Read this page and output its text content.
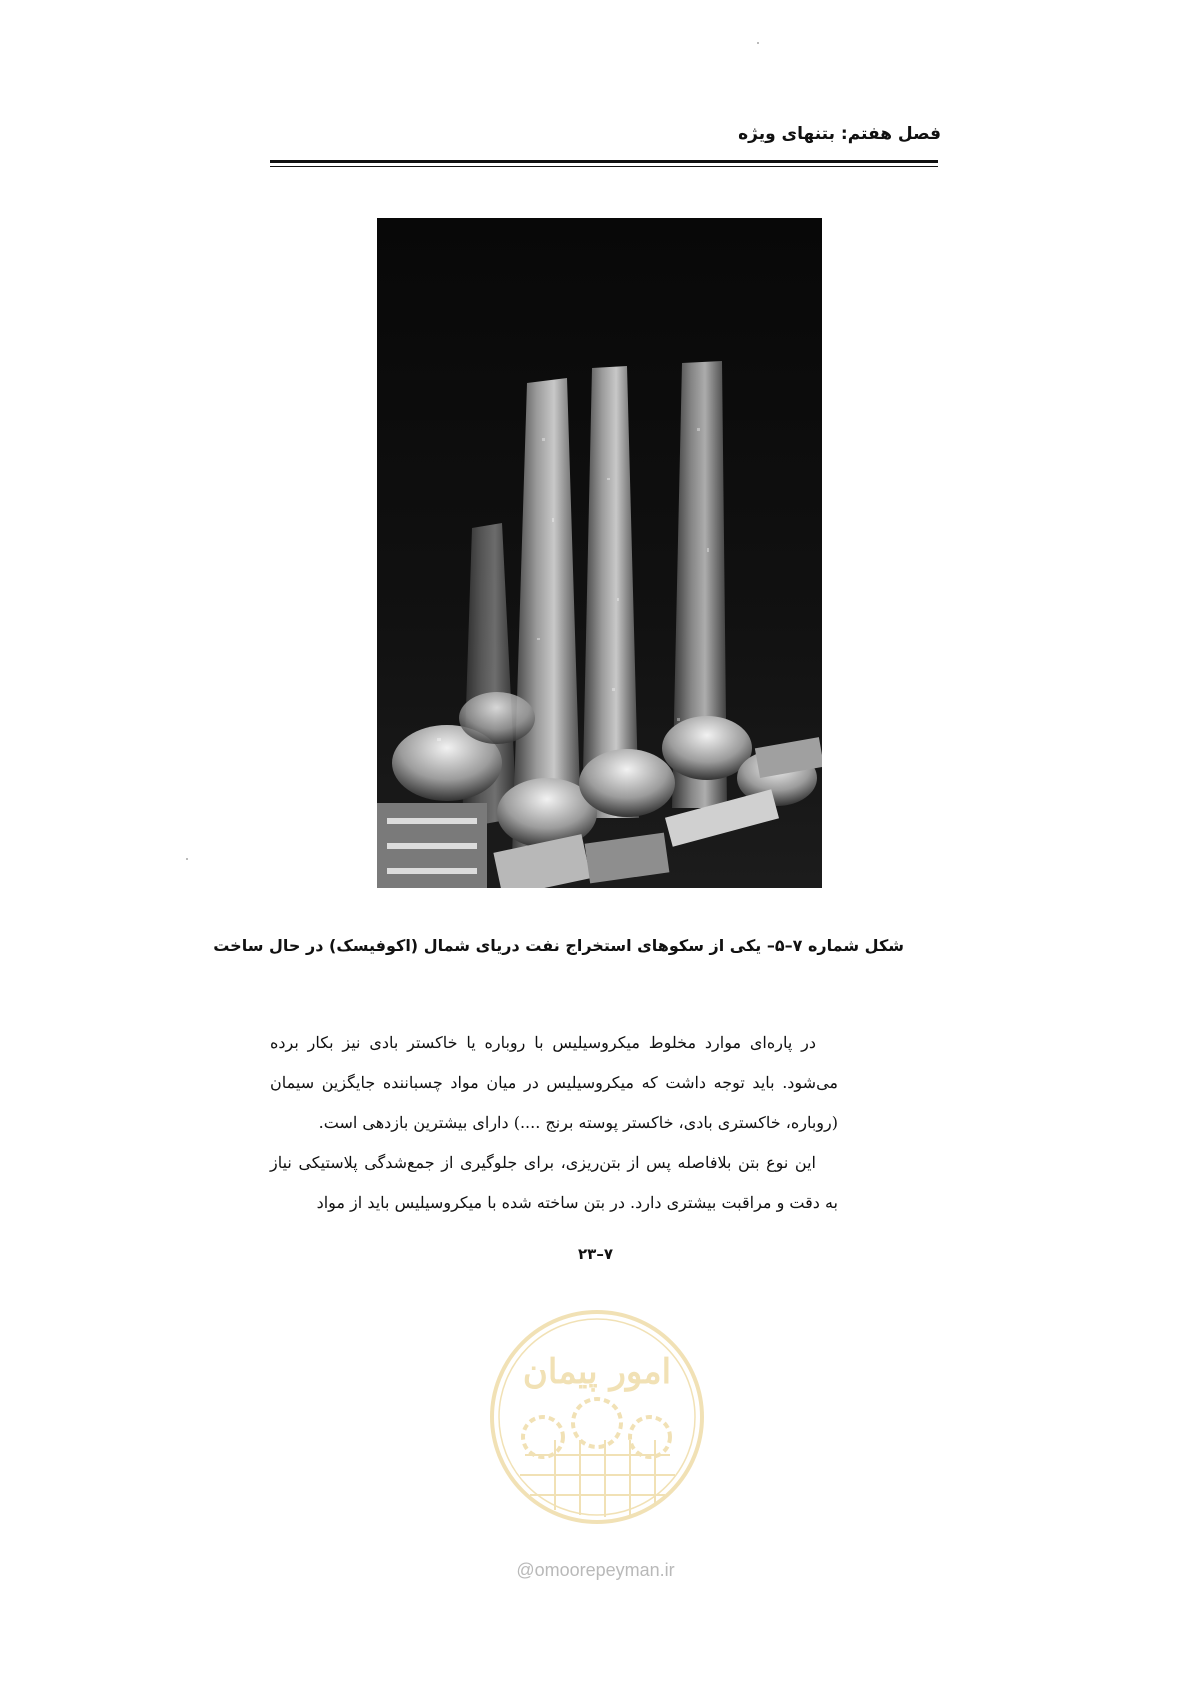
فصل هفتم: بتنهای ویژه
شکل شماره ۷–۵– یکی از سکوهای استخراج نفت دریای شمال (اکوفیسک) در حال ساخت

در پاره‌ای موارد مخلوط میکروسیلیس با روباره یا خاکستر بادی نیز بکار برده می‌شود. باید توجه داشت که میکروسیلیس در میان مواد چسباننده جایگزین سیمان (روباره، خاکستری بادی، خاکستر پوسته برنج ....) دارای بیشترین بازدهی است.

این نوع بتن بلافاصله پس از بتن‌ریزی، برای جلوگیری از جمع‌شدگی پلاستیکی نیاز به دقت و مراقبت بیشتری دارد. در بتن ساخته شده با میکروسیلیس باید از مواد

۷–۲۳
امور پیمان
@omoorepeyman.ir
